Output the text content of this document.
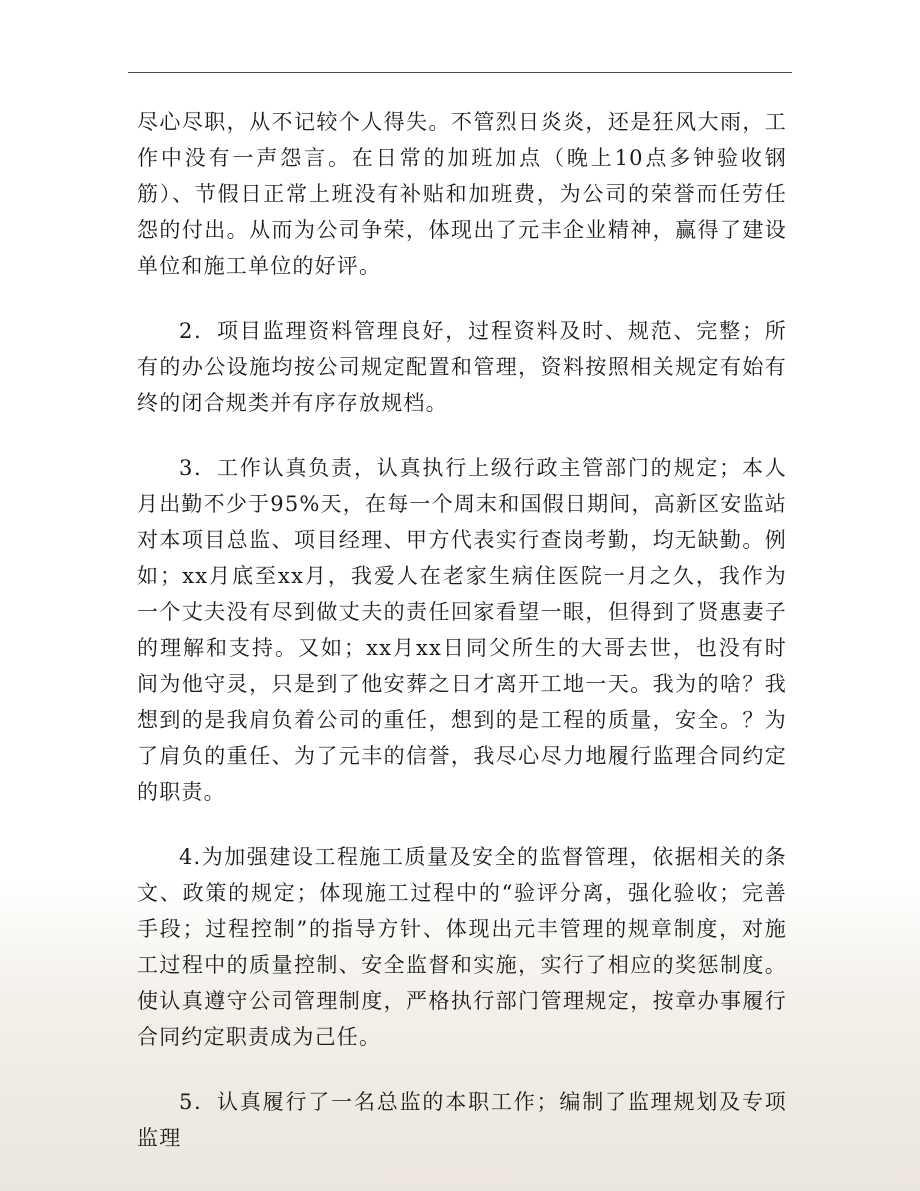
尽心尽职，从不记较个人得失。不管烈日炎炎，还是狂风大雨，工作中没有一声怨言。在日常的加班加点（晚上10点多钟验收钢筋）、节假日正常上班没有补贴和加班费，为公司的荣誉而任劳任怨的付出。从而为公司争荣，体现出了元丰企业精神，赢得了建设单位和施工单位的好评。

2．项目监理资料管理良好，过程资料及时、规范、完整；所有的办公设施均按公司规定配置和管理，资料按照相关规定有始有终的闭合规类并有序存放规档。

3．工作认真负责，认真执行上级行政主管部门的规定；本人月出勤不少于95%天，在每一个周末和国假日期间，高新区安监站对本项目总监、项目经理、甲方代表实行查岗考勤，均无缺勤。例如；xx月底至xx月，我爱人在老家生病住医院一月之久，我作为一个丈夫没有尽到做丈夫的责任回家看望一眼，但得到了贤惠妻子的理解和支持。又如；xx月xx日同父所生的大哥去世，也没有时间为他守灵，只是到了他安葬之日才离开工地一天。我为的啥？我想到的是我肩负着公司的重任，想到的是工程的质量，安全。？为了肩负的重任、为了元丰的信誉，我尽心尽力地履行监理合同约定的职责。

4.为加强建设工程施工质量及安全的监督管理，依据相关的条文、政策的规定；体现施工过程中的“验评分离，强化验收；完善手段；过程控制”的指导方针、体现出元丰管理的规章制度，对施工过程中的质量控制、安全监督和实施，实行了相应的奖惩制度。使认真遵守公司管理制度，严格执行部门管理规定，按章办事履行合同约定职责成为己任。

5．认真履行了一名总监的本职工作；编制了监理规划及专项监理
